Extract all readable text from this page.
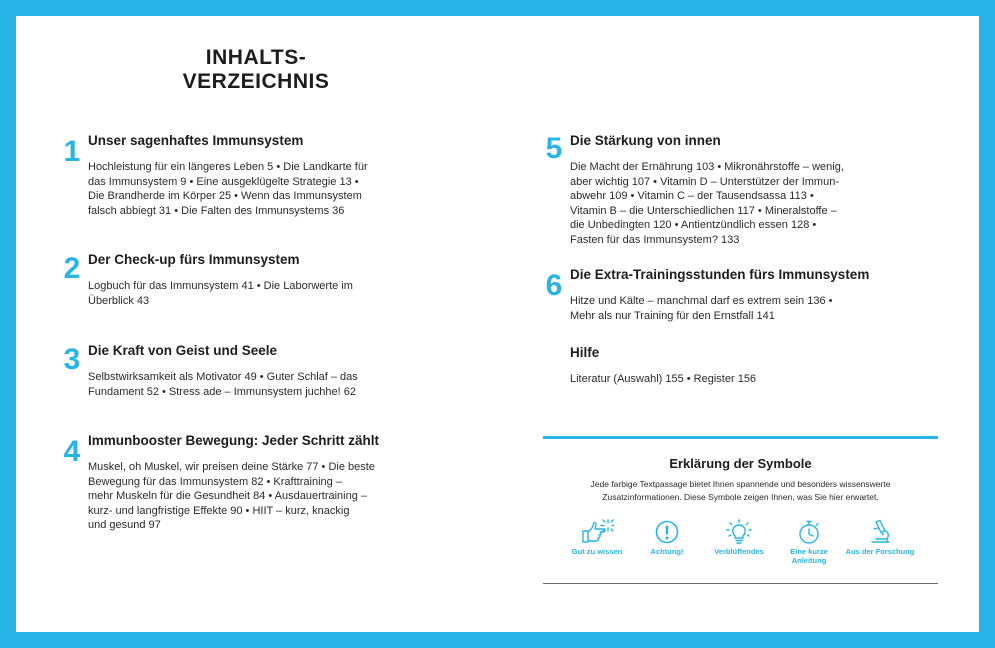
INHALTS-
VERZEICHNIS
1 Unser sagenhaftes Immunsystem
Hochleistung für ein längeres Leben 5 • Die Landkarte für
das Immunsystem 9 • Eine ausgeklügelte Strategie 13 •
Die Brandherde im Körper 25 • Wenn das Immunsystem
falsch abbiegt 31 • Die Falten des Immunsystems 36
2 Der Check-up fürs Immunsystem
Logbuch für das Immunsystem 41 • Die Laborwerte im
Überblick 43
3 Die Kraft von Geist und Seele
Selbstwirksamkeit als Motivator 49 • Guter Schlaf – das
Fundament 52 • Stress ade – Immunsystem juchhe! 62
4 Immunbooster Bewegung: Jeder Schritt zählt
Muskel, oh Muskel, wir preisen deine Stärke 77 • Die beste
Bewegung für das Immunsystem 82 • Krafttraining –
mehr Muskeln für die Gesundheit 84 • Ausdauertraining –
kurz- und langfristige Effekte 90 • HIIT – kurz, knackig
und gesund 97
5 Die Stärkung von innen
Die Macht der Ernährung 103 • Mikronährstoffe – wenig,
aber wichtig 107 • Vitamin D – Unterstützer der Immun-
abwehr 109 • Vitamin C – der Tausendsassa 113 •
Vitamin B – die Unterschiedlichen 117 • Mineralstoffe –
die Unbedingten 120 • Antientzündlich essen 128 •
Fasten für das Immunsystem? 133
6 Die Extra-Trainingsstunden fürs Immunsystem
Hitze und Kälte – manchmal darf es extrem sein 136 •
Mehr als nur Training für den Ernstfall 141
Hilfe
Literatur (Auswahl) 155 • Register 156
Erklärung der Symbole
Jede farbige Textpassage bietet Ihnen spannende und besonders wissenswerte
Zusatzinformationen. Diese Symbole zeigen Ihnen, was Sie hier erwartet.
Gut zu wissen	Achtung!	Verblüffendes	Eine kurze Anleitung
Aus der Forschung
